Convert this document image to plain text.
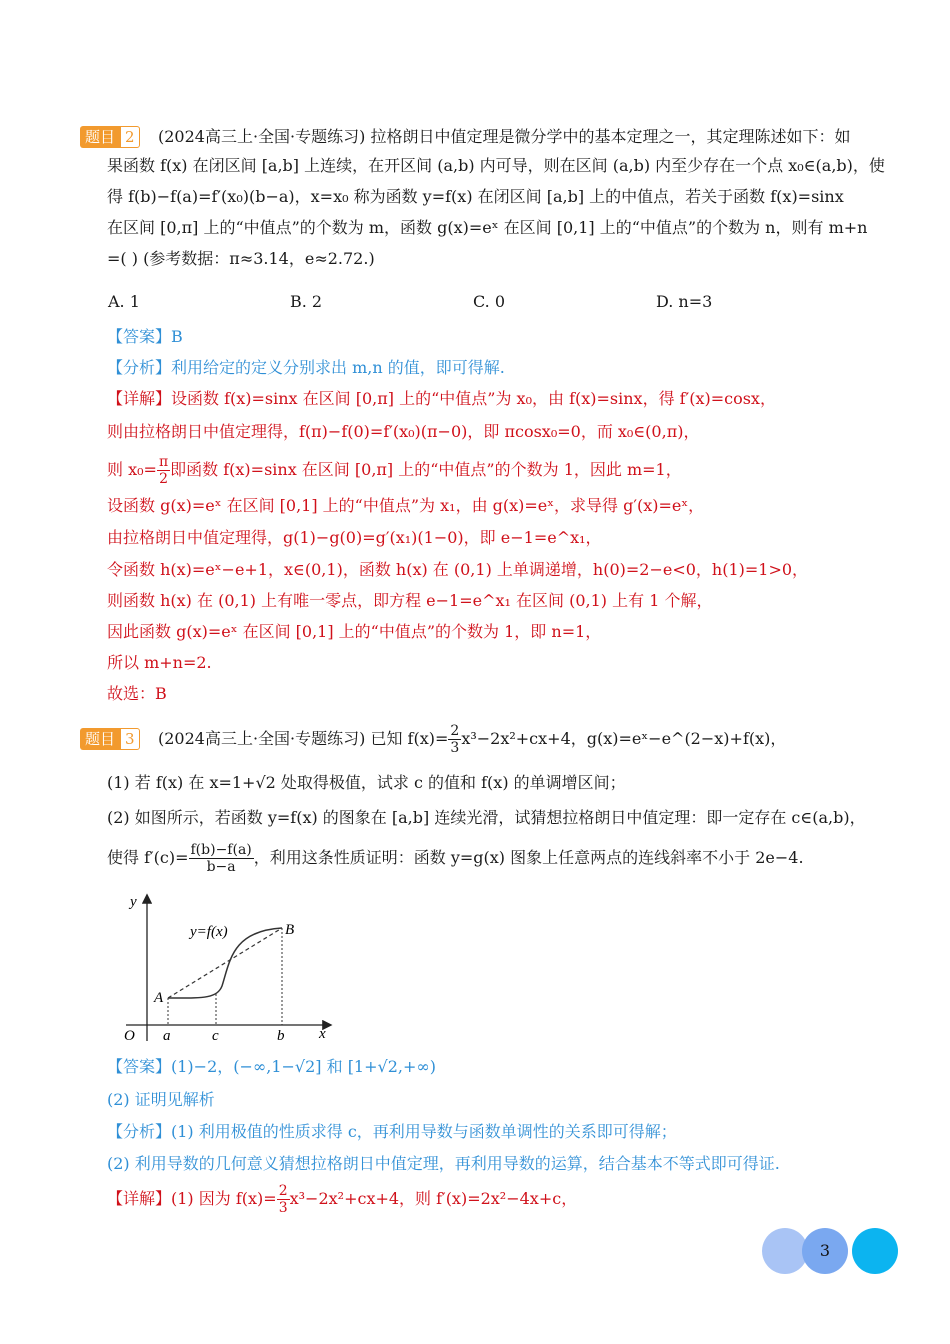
题目 2	(2024高三上·全国·专题练习) 拉格朗日中值定理是微分学中的基本定理之一，其定理陈述如下：如
果函数 f(x) 在闭区间 [a,b] 上连续，在开区间 (a,b) 内可导，则在区间 (a,b) 内至少存在一个点 x₀∈(a,b)，使
得 f(b)−f(a)=f′(x₀)(b−a)，x=x₀ 称为函数 y=f(x) 在闭区间 [a,b] 上的中值点，若关于函数 f(x)=sinx
在区间 [0,π] 上的“中值点”的个数为 m，函数 g(x)=eˣ 在区间 [0,1] 上的“中值点”的个数为 n，则有 m+n
=( ) (参考数据：π≈3.14，e≈2.72.)
A. 1	B. 2	C. 0	D. n=3
【答案】B
【分析】利用给定的定义分别求出 m,n 的值，即可得解.
【详解】设函数 f(x)=sinx 在区间 [0,π] 上的“中值点”为 x₀，由 f(x)=sinx，得 f′(x)=cosx，
则由拉格朗日中值定理得，f(π)−f(0)=f′(x₀)(π−0)，即 πcosx₀=0，而 x₀∈(0,π)，
则 $x_0= \frac{\pi}{2}$ 即函数 f(x)=sinx 在区间 [0,π] 上的“中值点”的个数为 1，因此 m=1，
设函数 g(x)=eˣ 在区间 [0,1] 上的“中值点”为 x₁，由 g(x)=eˣ，求导得 g′(x)=eˣ，
由拉格朗日中值定理得，g(1)−g(0)=g′(x₁)(1−0)，即 e−1=e^x₁，
令函数 h(x)=eˣ−e+1，x∈(0,1)，函数 h(x) 在 (0,1) 上单调递增，h(0)=2−e<0，h(1)=1>0，
则函数 h(x) 在 (0,1) 上有唯一零点，即方程 e−1=e^x₁ 在区间 (0,1) 上有 1 个解，
因此函数 g(x)=eˣ 在区间 [0,1] 上的“中值点”的个数为 1，即 n=1，
所以 m+n=2.
故选：B
题目 3	(2024高三上·全国·专题练习) 已知 $f(x)= \frac{2}{3} x^3-2x^2+cx+4$，g(x)=eˣ−e^(2−x)+f(x)，
(1) 若 f(x) 在 x=1+√2 处取得极值，试求 c 的值和 f(x) 的单调增区间；
(2) 如图所示，若函数 y=f(x) 的图象在 [a,b] 连续光滑，试猜想拉格朗日中值定理：即一定存在 c∈(a,b)，
使得 $f'(c)= \frac{f(b)-f(a)}{b-a}$ ，利用这条性质证明：函数 y=g(x) 图象上任意两点的连线斜率不小于 2e−4.
y=f(x)
y
x
O
A
B
a	c	b
【答案】(1)−2，(−∞,1−√2] 和 [1+√2,+∞)
(2) 证明见解析
【分析】(1) 利用极值的性质求得 c，再利用导数与函数单调性的关系即可得解；
(2) 利用导数的几何意义猜想拉格朗日中值定理，再利用导数的运算，结合基本不等式即可得证.
【详解】(1) 因为 $f(x)= \frac{2}{3} x^3-2x^2+cx+4$，则 f′(x)=2x²−4x+c，
3
